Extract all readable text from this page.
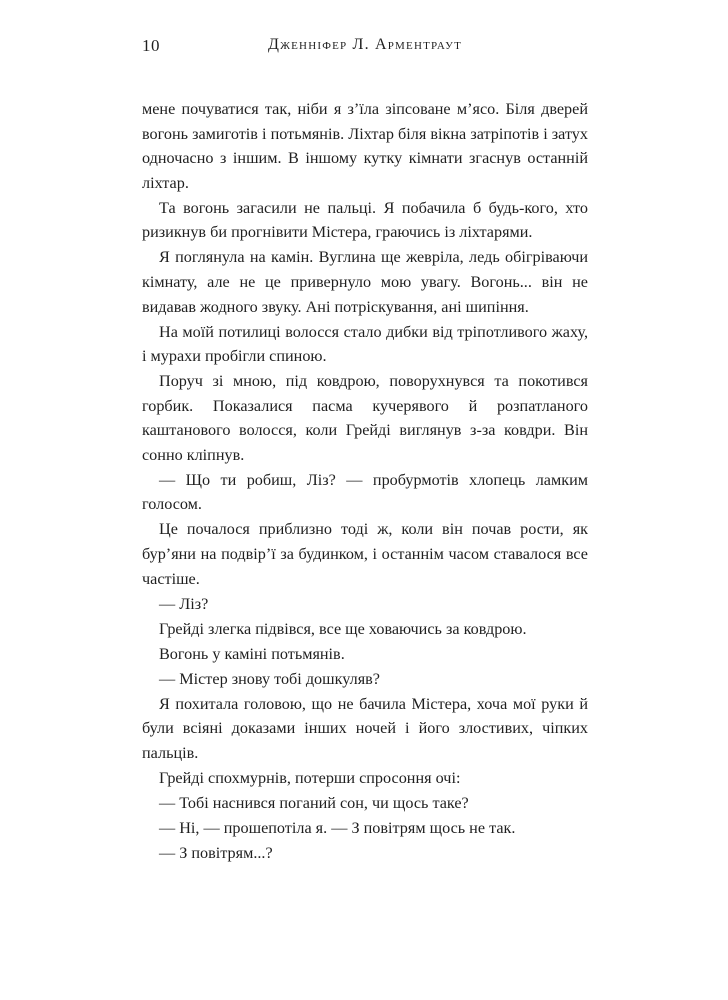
10	Дженніфер Л. Арментраут

мене почуватися так, ніби я з’їла зіпсоване м’ясо. Біля дверей вогонь замиготів і потьмянів. Ліхтар біля вікна затріпотів і затух одночасно з іншим. В іншому кутку кімнати згаснув останній ліхтар.

Та вогонь загасили не пальці. Я побачила б будь-кого, хто ризикнув би прогнівити Містера, граючись із ліхтарями.

Я поглянула на камін. Вуглина ще жевріла, ледь обігріваючи кімнату, але не це привернуло мою увагу. Вогонь... він не видавав жодного звуку. Ані потріскування, ані шипіння.

На моїй потилиці волосся стало дибки від тріпотливого жаху, і мурахи пробігли спиною.

Поруч зі мною, під ковдрою, поворухнувся та покотився горбик. Показалися пасма кучерявого й розпатланого каштанового волосся, коли Грейді виглянув з-за ковдри. Він сонно кліпнув.

— Що ти робиш, Ліз? — пробурмотів хлопець ламким голосом.

Це почалося приблизно тоді ж, коли він почав рости, як бур’яни на подвір’ї за будинком, і останнім часом ставалося все частіше.

— Ліз?

Грейді злегка підвівся, все ще ховаючись за ковдрою.

Вогонь у каміні потьмянів.

— Містер знову тобі дошкуляв?

Я похитала головою, що не бачила Містера, хоча мої руки й були всіяні доказами інших ночей і його злостивих, чіпких пальців.

Грейді спохмурнів, потерши спросоння очі:

— Тобі наснився поганий сон, чи щось таке?

— Ні, — прошепотіла я. — З повітрям щось не так.

— З повітрям...?
